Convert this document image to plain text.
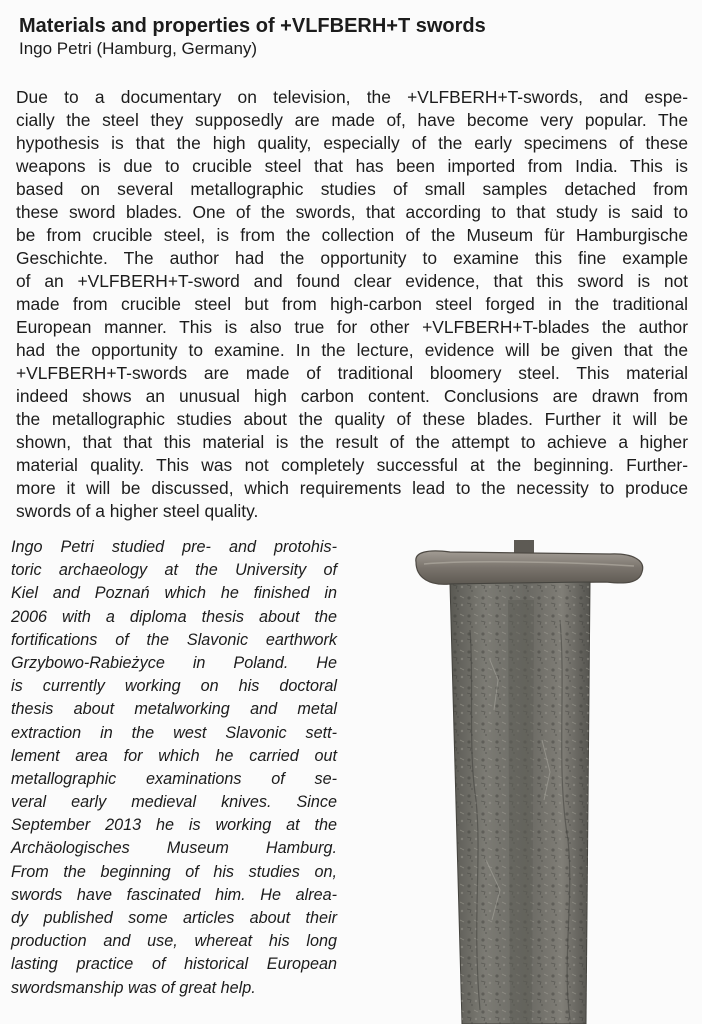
Materials and properties of +VLFBERH+T swords
Ingo Petri (Hamburg, Germany)
Due to a documentary on television, the +VLFBERH+T-swords, and espe-
cially the steel they supposedly are made of, have become very popular. The
hypothesis is that the high quality, especially of the early specimens of these
weapons is due to crucible steel that has been imported from India. This is
based on several metallographic studies of small samples detached from
these sword blades. One of the swords, that according to that study is said to
be from crucible steel, is from the collection of the Museum für Hamburgische
Geschichte. The author had the opportunity to examine this fine example
of an +VLFBERH+T-sword and found clear evidence, that this sword is not
made from crucible steel but from high-carbon steel forged in the traditional
European manner. This is also true for other +VLFBERH+T-blades the author
had the opportunity to examine. In the lecture, evidence will be given that the
+VLFBERH+T-swords are made of traditional bloomery steel. This material
indeed shows an unusual high carbon content. Conclusions are drawn from
the metallographic studies about the quality of these blades. Further it will be
shown, that that this material is the result of the attempt to achieve a higher
material quality. This was not completely successful at the beginning. Further-
more it will be discussed, which requirements lead to the necessity to produce
swords of a higher steel quality.
Ingo Petri studied pre- and protohis-
toric archaeology at the University of
Kiel and Poznań which he finished in
2006 with a diploma thesis about the
fortifications of the Slavonic earthwork
Grzybowo-Rabieżyce in Poland. He
is currently working on his doctoral
thesis about metalworking and metal
extraction in the west Slavonic sett-
lement area for which he carried out
metallographic examinations of se-
veral early medieval knives. Since
September 2013 he is working at the
Archäologisches Museum Hamburg.
From the beginning of his studies on,
swords have fascinated him. He alrea-
dy published some articles about their
production and use, whereat his long
lasting practice of historical European
swordsmanship was of great help.
